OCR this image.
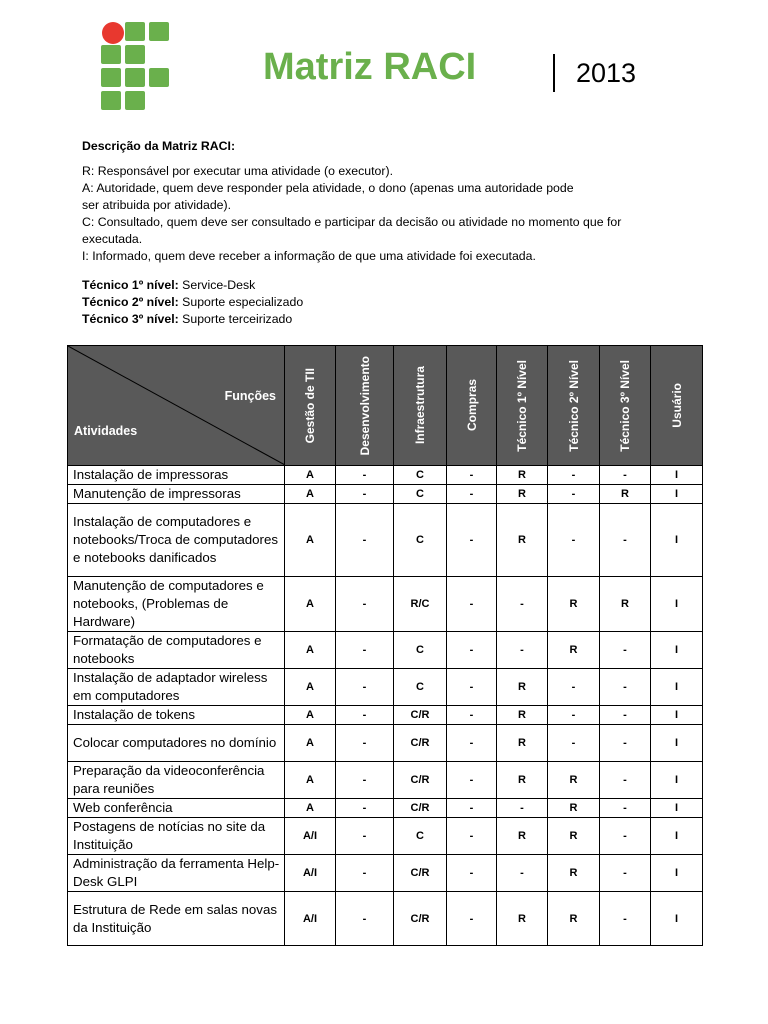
Matriz RACI	2013
Descrição da Matriz RACI:

R: Responsável por executar uma atividade (o executor).

A: Autoridade, quem deve responder pela atividade, o dono (apenas uma autoridade pode

ser atribuida por atividade).

C: Consultado, quem deve ser consultado e participar da decisão ou atividade no momento que for

executada.

I: Informado, quem deve receber a informação de que uma atividade foi executada.

Técnico 1º nível: Service-Desk

Técnico 2º nível: Suporte especializado

Técnico 3º nível: Suporte terceirizado

Funções
Atividades	Gestão de TII	Desenvolvimento	Infraestrutura	Compras	Técnico 1º Nível	Técnico 2º Nível	Técnico 3º Nível	Usuário

Instalação de impressoras	A	-	C	-	R	-	-	I
Manutenção de impressoras	A	-	C	-	R	-	R	I
Instalação de computadores e notebooks/Troca de computadores e notebooks danificados	A	-	C	-	R	-	-	I
Manutenção de computadores e notebooks, (Problemas de Hardware)	A	-	R/C	-	-	R	R	I
Formatação de computadores e notebooks	A	-	C	-	-	R	-	I
Instalação de adaptador wireless em computadores	A	-	C	-	R	-	-	I
Instalação de tokens	A	-	C/R	-	R	-	-	I
Colocar computadores no domínio	A	-	C/R	-	R	-	-	I
Preparação da videoconferência para reuniões	A	-	C/R	-	R	R	-	I
Web conferência	A	-	C/R	-	-	R	-	I
Postagens de notícias no site da Instituição	A/I	-	C	-	R	R	-	I
Administração da ferramenta Help-Desk GLPI	A/I	-	C/R	-	-	R	-	I
Estrutura de Rede em salas novas da Instituição	A/I	-	C/R	-	R	R	-	I
